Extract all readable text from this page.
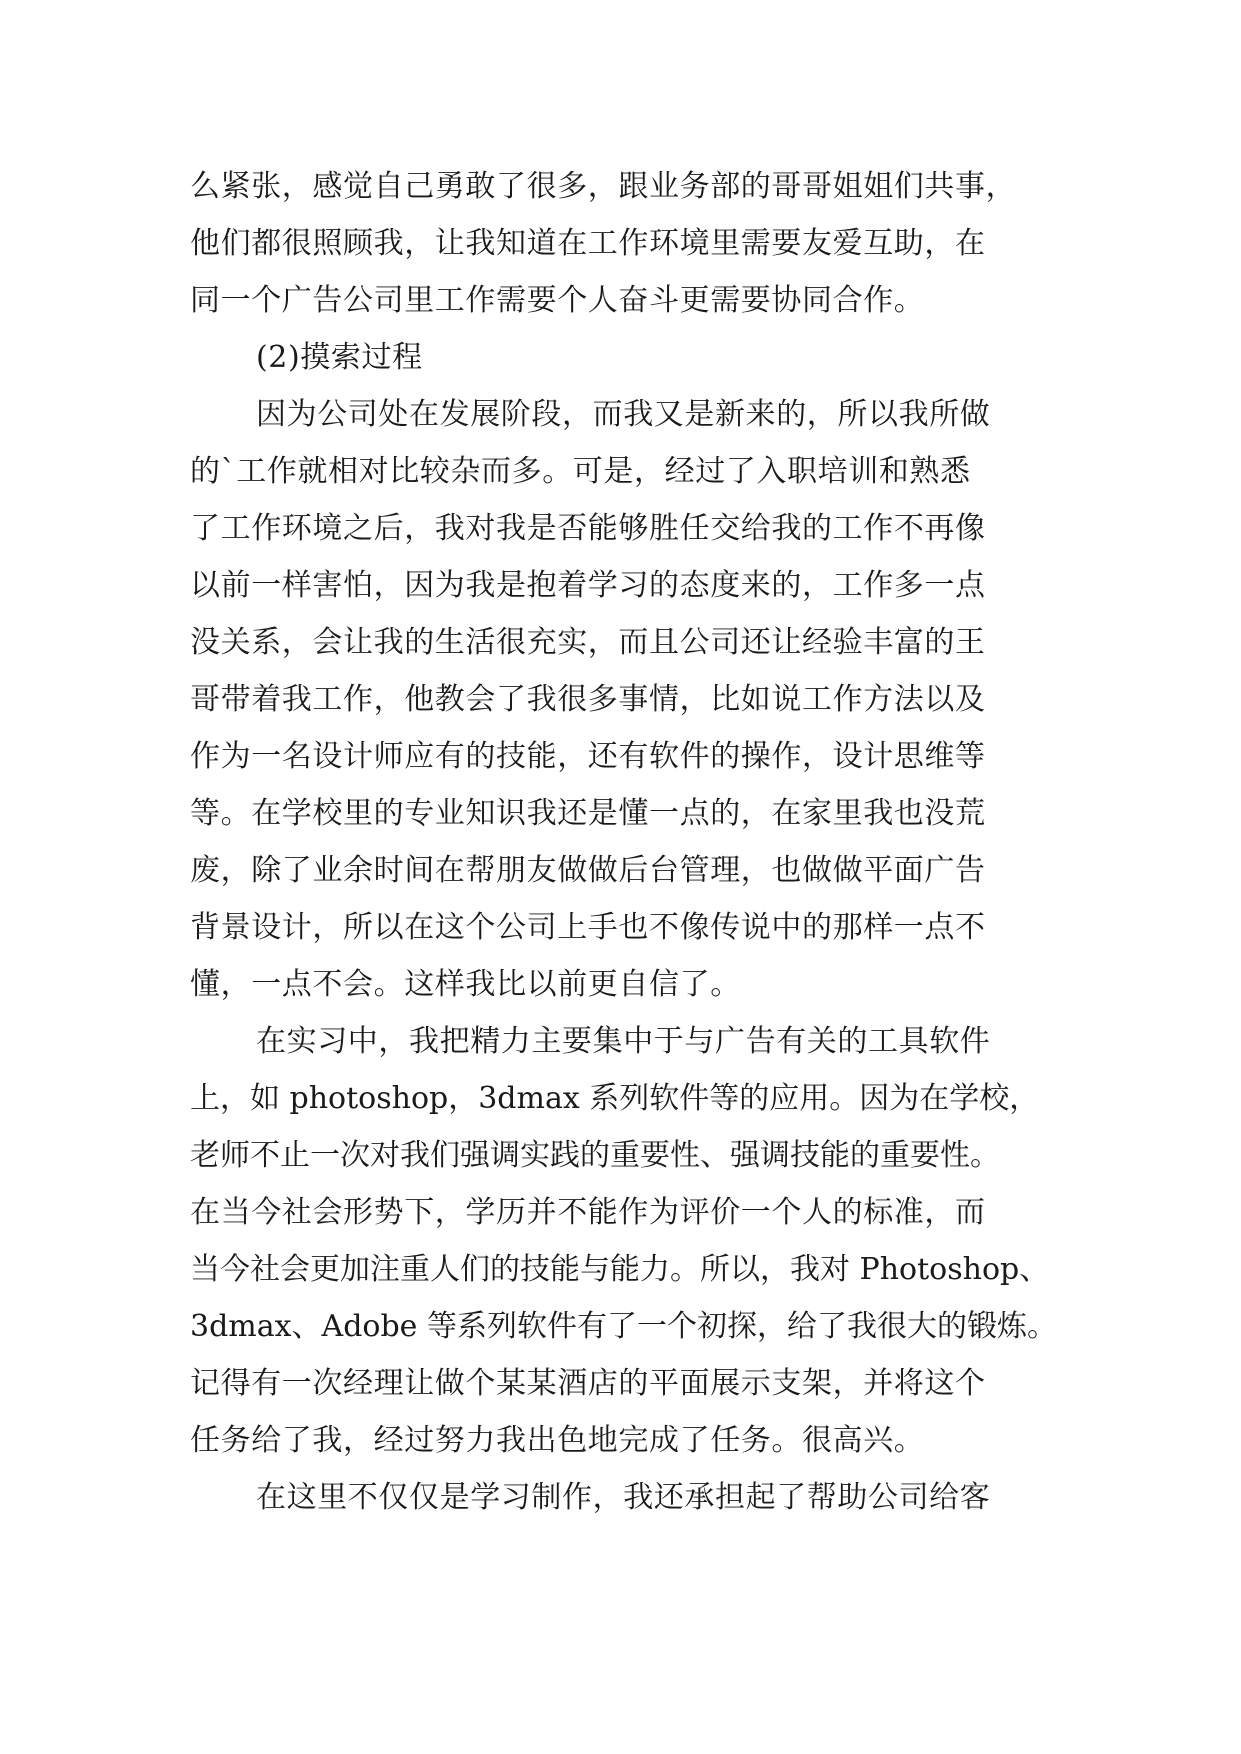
么紧张，感觉自己勇敢了很多，跟业务部的哥哥姐姐们共事，
他们都很照顾我，让我知道在工作环境里需要友爱互助，在
同一个广告公司里工作需要个人奋斗更需要协同合作。
(2)摸索过程
因为公司处在发展阶段，而我又是新来的，所以我所做
的`工作就相对比较杂而多。可是，经过了入职培训和熟悉
了工作环境之后，我对我是否能够胜任交给我的工作不再像
以前一样害怕，因为我是抱着学习的态度来的，工作多一点
没关系，会让我的生活很充实，而且公司还让经验丰富的王
哥带着我工作，他教会了我很多事情，比如说工作方法以及
作为一名设计师应有的技能，还有软件的操作，设计思维等
等。在学校里的专业知识我还是懂一点的，在家里我也没荒
废，除了业余时间在帮朋友做做后台管理，也做做平面广告
背景设计，所以在这个公司上手也不像传说中的那样一点不
懂，一点不会。这样我比以前更自信了。
在实习中，我把精力主要集中于与广告有关的工具软件
上，如 photoshop，3dmax 系列软件等的应用。因为在学校，
老师不止一次对我们强调实践的重要性、强调技能的重要性。
在当今社会形势下，学历并不能作为评价一个人的标准，而
当今社会更加注重人们的技能与能力。所以，我对 Photoshop、
3dmax、Adobe 等系列软件有了一个初探，给了我很大的锻炼。
记得有一次经理让做个某某酒店的平面展示支架，并将这个
任务给了我，经过努力我出色地完成了任务。很高兴。
在这里不仅仅是学习制作，我还承担起了帮助公司给客
